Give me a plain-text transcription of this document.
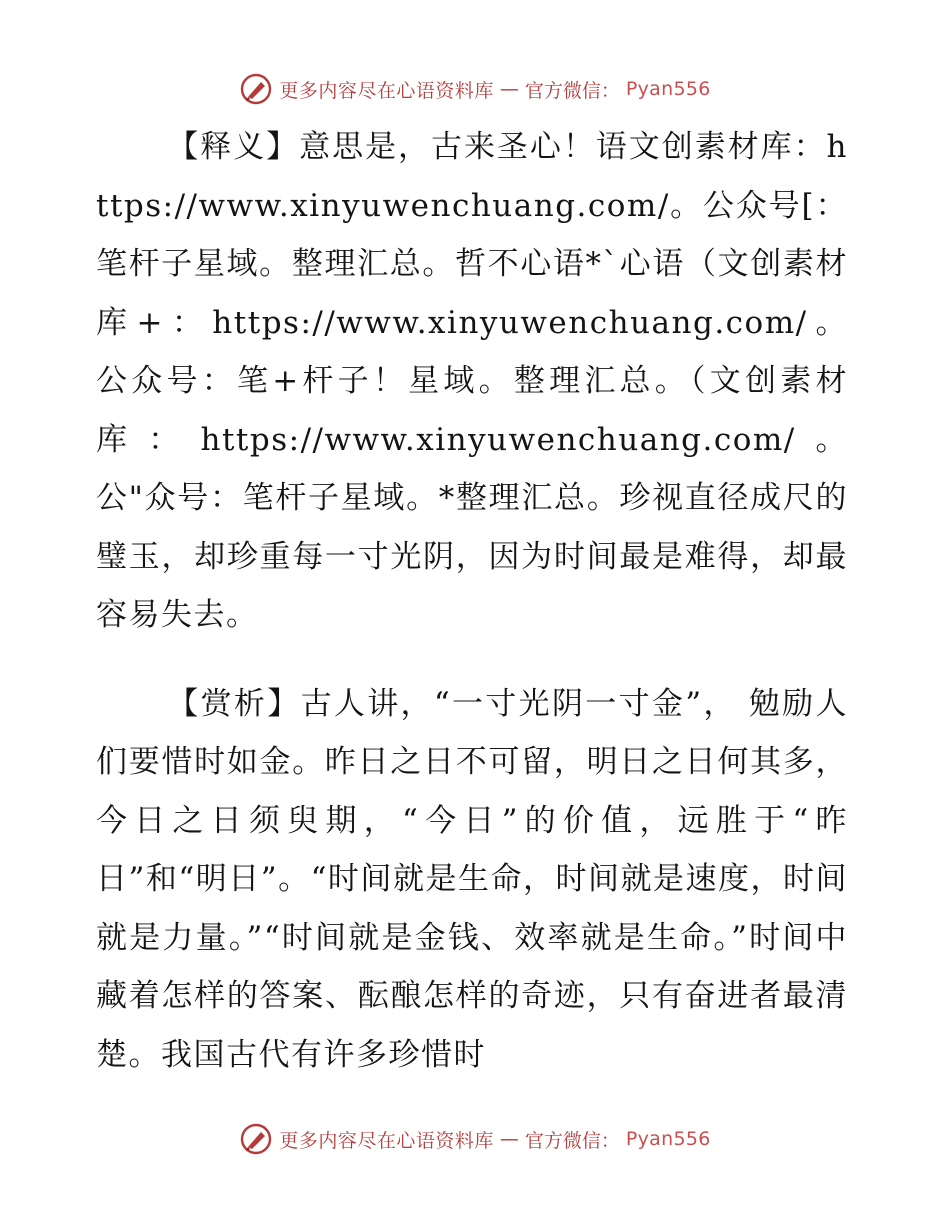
更多内容尽在心语资料库 — 官方微信： Pyan556

【释义】意思是，古来圣心！语文创素材库：https://www.xinyuwenchuang.com/。公众号[：笔杆子星域。整理汇总。哲不心语*`心语（文创素材库+：https://www.xinyuwenchuang.com/。公众号：笔+杆子！星域。整理汇总。（文创素材库：https://www.xinyuwenchuang.com/。公"众号：笔杆子星域。*整理汇总。珍视直径成尺的璧玉，却珍重每一寸光阴，因为时间最是难得，却最容易失去。

【赏析】古人讲，“一寸光阴一寸金”， 勉励人们要惜时如金。昨日之日不可留，明日之日何其多，今日之日须臾期，“今日”的价值，远胜于“昨日”和“明日”。“时间就是生命，时间就是速度，时间就是力量。”“时间就是金钱、效率就是生命。”时间中藏着怎样的答案、酝酿怎样的奇迹，只有奋进者最清楚。我国古代有许多珍惜时

更多内容尽在心语资料库 — 官方微信： Pyan556
